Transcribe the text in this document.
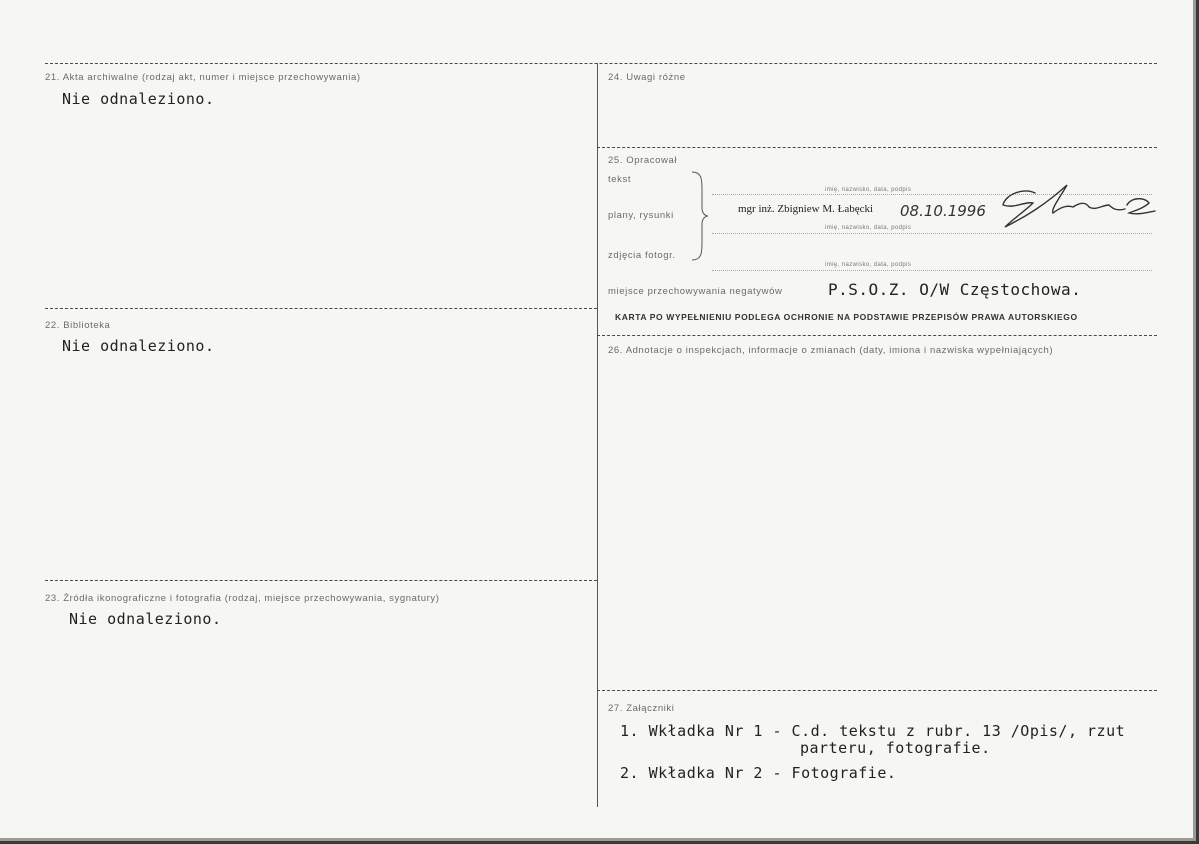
21. Akta archiwalne (rodzaj akt, numer i miejsce przechowywania)
Nie odnaleziono.
22. Biblioteka
Nie odnaleziono.
23. Źródła ikonograficzne i fotografia (rodzaj, miejsce przechowywania, sygnatury)
Nie odnaleziono.
24. Uwagi różne
25. Opracował
tekst
plany, rysunki
zdjęcia fotogr.
imię, nazwisko, data, podpis
mgr inż. Zbigniew M. Łabęcki 08.10.1996
imię, nazwisko, data, podpis
imię, nazwisko, data, podpis
miejsce przechowywania negatywów	P.S.O.Z. O/W Częstochowa.
KARTA PO WYPEŁNIENIU PODLEGA OCHRONIE NA PODSTAWIE PRZEPISÓW PRAWA AUTORSKIEGO
26. Adnotacje o inspekcjach, informacje o zmianach (daty, imiona i nazwiska wypełniających)
27. Załączniki
1. Wkładka Nr 1 - C.d. tekstu z rubr. 13 /Opis/, rzut
parteru, fotografie.
2. Wkładka Nr 2 - Fotografie.
